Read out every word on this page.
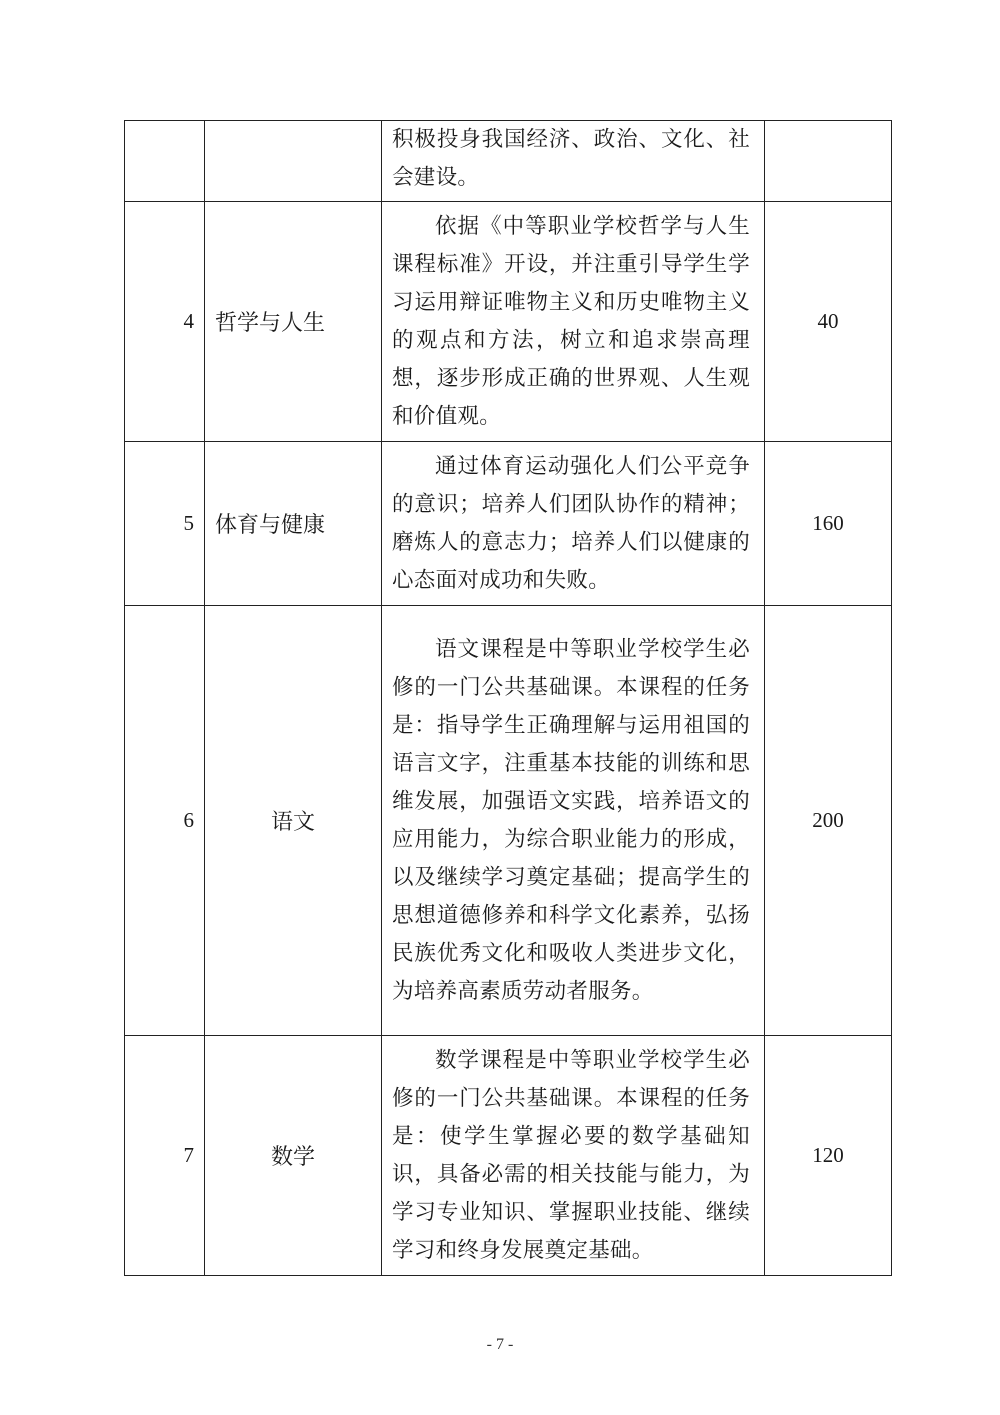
		积极投身我国经济、政治、文化、社会建设。	

4	哲学与人生	依据《中等职业学校哲学与人生课程标准》开设，并注重引导学生学习运用辩证唯物主义和历史唯物主义的观点和方法，树立和追求崇高理想，逐步形成正确的世界观、人生观和价值观。	40
5	体育与健康	通过体育运动强化人们公平竞争的意识；培养人们团队协作的精神；磨炼人的意志力；培养人们以健康的心态面对成功和失败。	160
6	语文	语文课程是中等职业学校学生必修的一门公共基础课。本课程的任务是：指导学生正确理解与运用祖国的语言文字，注重基本技能的训练和思维发展，加强语文实践，培养语文的应用能力，为综合职业能力的形成，以及继续学习奠定基础；提高学生的思想道德修养和科学文化素养，弘扬民族优秀文化和吸收人类进步文化，为培养高素质劳动者服务。	200
7	数学	数学课程是中等职业学校学生必修的一门公共基础课。本课程的任务是：使学生掌握必要的数学基础知识，具备必需的相关技能与能力，为学习专业知识、掌握职业技能、继续学习和终身发展奠定基础。	120
- 7 -
